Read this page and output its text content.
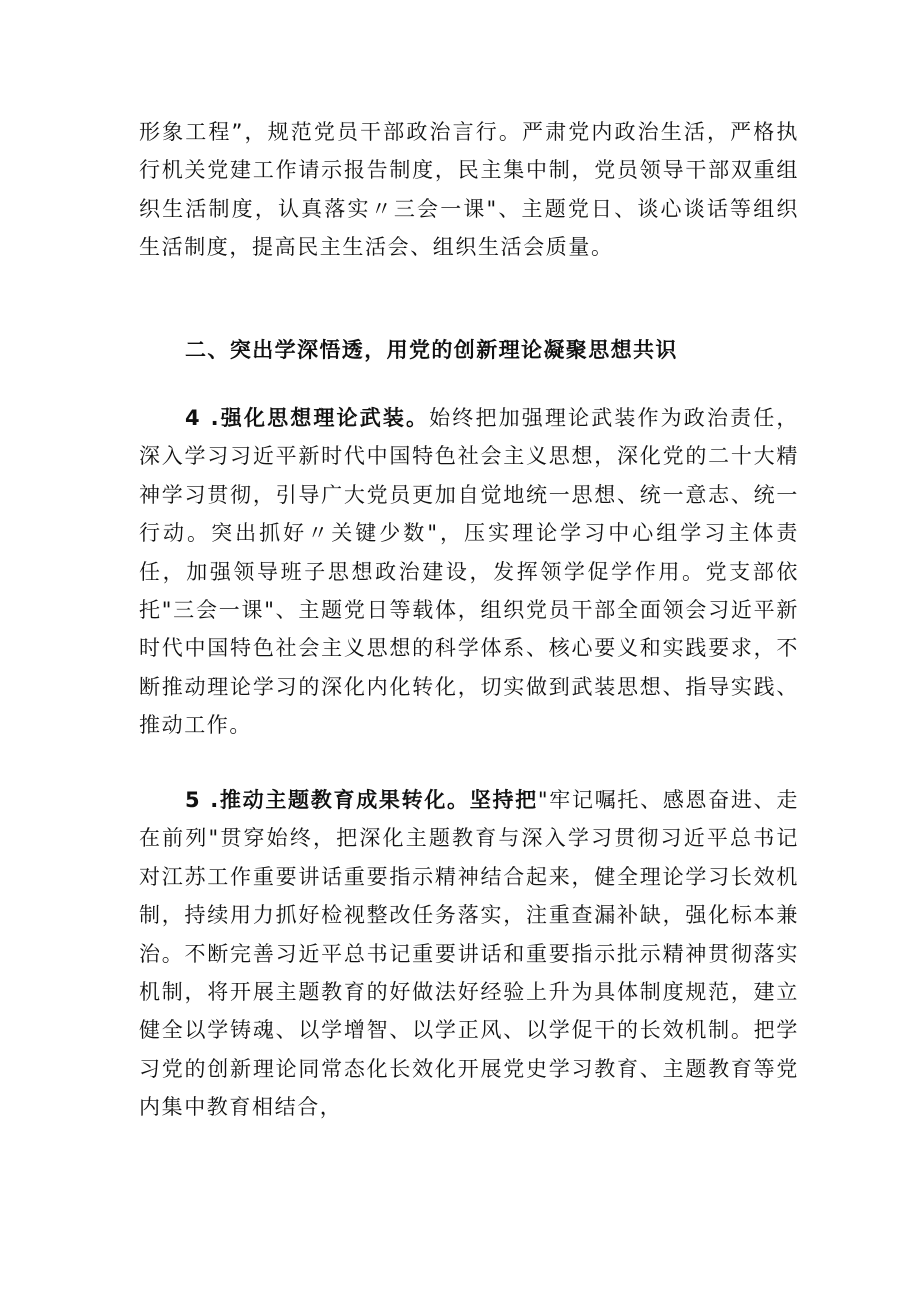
形象工程”，规范党员干部政治言行。严肃党内政治生活，严格执行机关党建工作请示报告制度，民主集中制，党员领导干部双重组织生活制度，认真落实〃三会一课"、主题党日、谈心谈话等组织生活制度，提高民主生活会、组织生活会质量。

二、突出学深悟透，用党的创新理论凝聚思想共识

4 .强化思想理论武装。始终把加强理论武装作为政治责任，深入学习习近平新时代中国特色社会主义思想，深化党的二十大精神学习贯彻，引导广大党员更加自觉地统一思想、统一意志、统一行动。突出抓好〃关键少数"，压实理论学习中心组学习主体责任，加强领导班子思想政治建设，发挥领学促学作用。党支部依托"三会一课"、主题党日等载体，组织党员干部全面领会习近平新时代中国特色社会主义思想的科学体系、核心要义和实践要求，不断推动理论学习的深化内化转化，切实做到武装思想、指导实践、推动工作。

5 .推动主题教育成果转化。坚持把"牢记嘱托、感恩奋进、走在前列"贯穿始终，把深化主题教育与深入学习贯彻习近平总书记对江苏工作重要讲话重要指示精神结合起来，健全理论学习长效机制，持续用力抓好检视整改任务落实，注重查漏补缺，强化标本兼治。不断完善习近平总书记重要讲话和重要指示批示精神贯彻落实机制，将开展主题教育的好做法好经验上升为具体制度规范，建立健全以学铸魂、以学增智、以学正风、以学促干的长效机制。把学习党的创新理论同常态化长效化开展党史学习教育、主题教育等党内集中教育相结合，
